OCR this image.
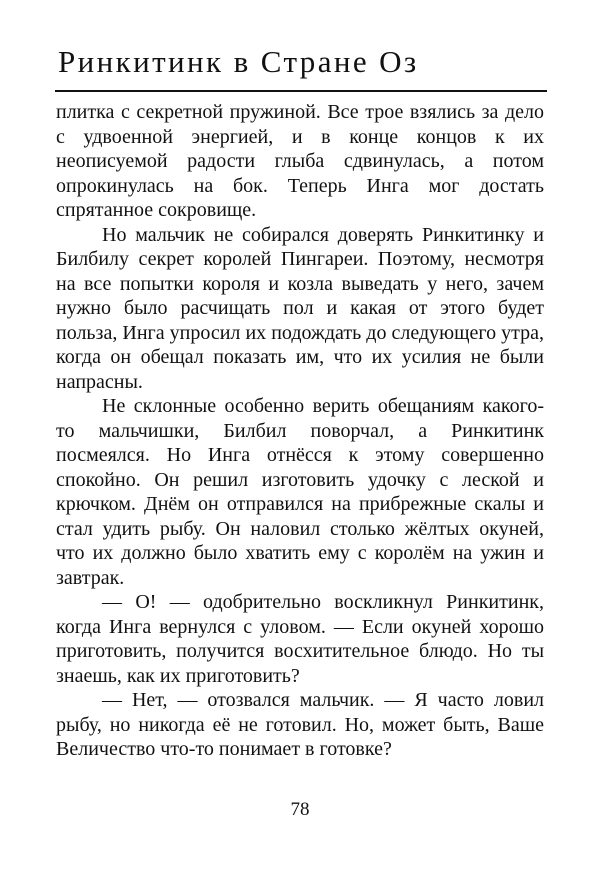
Ринкитинк в Стране Оз

плитка с секретной пружиной. Все трое взялись за дело с удвоенной энергией, и в конце концов к их неописуемой радости глыба сдвинулась, а потом опрокинулась на бок. Теперь Инга мог достать спрятанное сокровище.

Но мальчик не собирался доверять Ринкитинку и Билбилу секрет королей Пингареи. Поэтому, несмотря на все попытки короля и козла выведать у него, зачем нужно было расчищать пол и какая от этого будет польза, Инга упросил их подождать до следующего утра, когда он обещал показать им, что их усилия не были напрасны.

Не склонные особенно верить обещаниям какого-то мальчишки, Билбил поворчал, а Ринкитинк посмеялся. Но Инга отнёсся к этому совершенно спокойно. Он решил изготовить удочку с леской и крючком. Днём он отправился на прибрежные скалы и стал удить рыбу. Он наловил столько жёлтых окуней, что их должно было хватить ему с королём на ужин и завтрак.

— О! — одобрительно воскликнул Ринкитинк, когда Инга вернулся с уловом. — Если окуней хорошо приготовить, получится восхитительное блюдо. Но ты знаешь, как их приготовить?

— Нет, — отозвался мальчик. — Я часто ловил рыбу, но никогда её не готовил. Но, может быть, Ваше Величество что-то понимает в готовке?

78
